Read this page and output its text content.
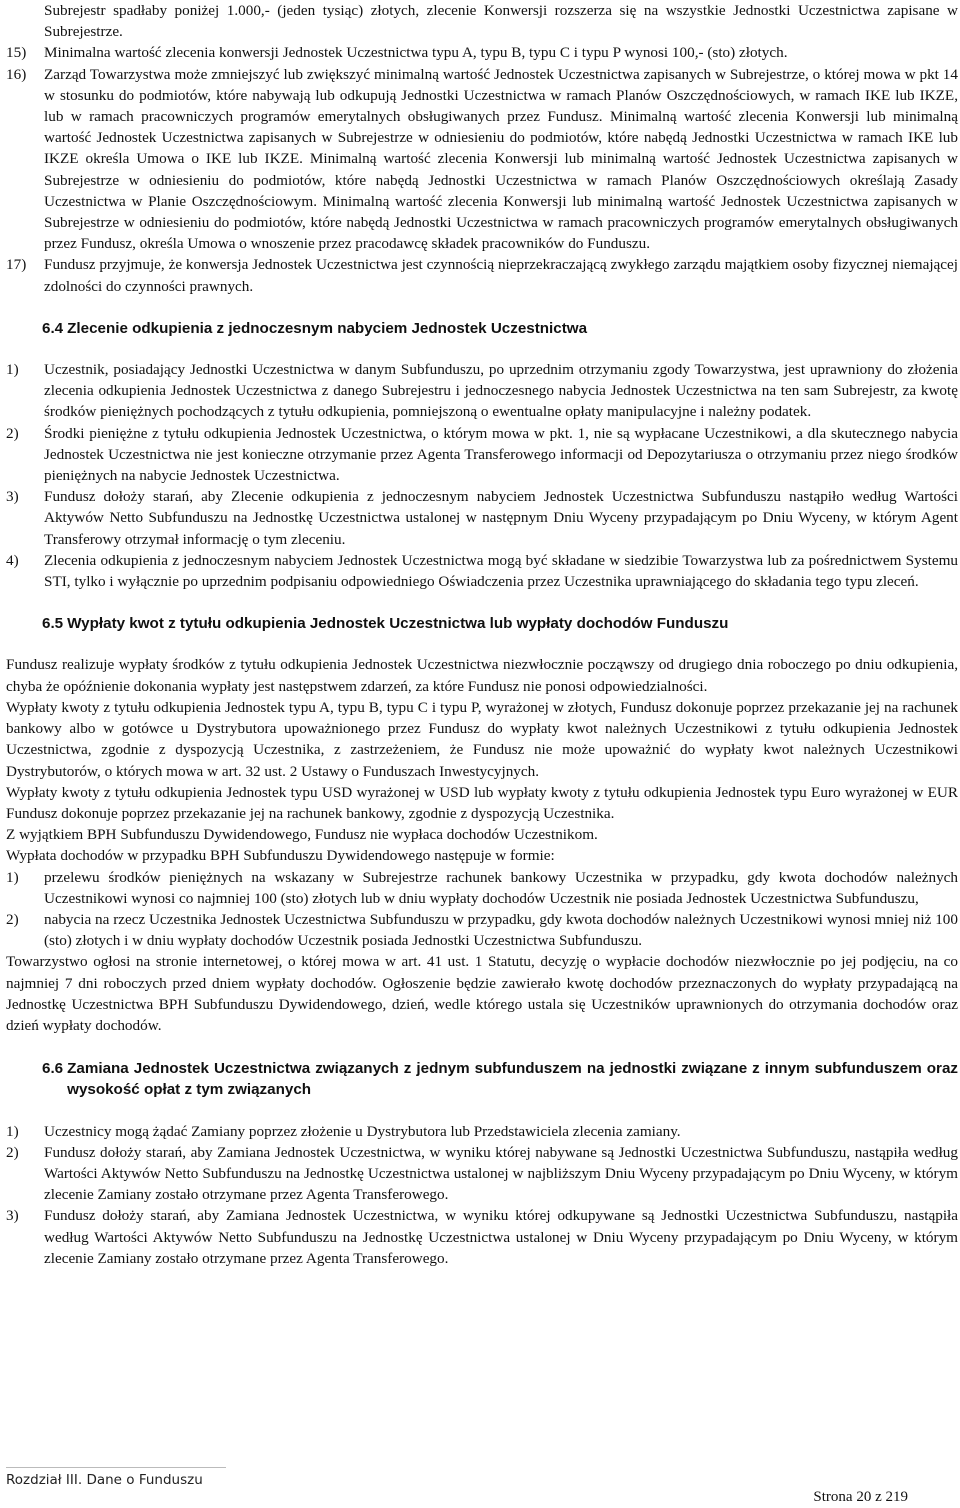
Subrejestr spadłaby poniżej 1.000,- (jeden tysiąc) złotych, zlecenie Konwersji rozszerza się na wszystkie Jednostki Uczestnictwa zapisane w Subrejestrze.

15)	Minimalna wartość zlecenia konwersji Jednostek Uczestnictwa typu A, typu B, typu C i typu P wynosi 100,- (sto) złotych.
16)	Zarząd Towarzystwa może zmniejszyć lub zwiększyć minimalną wartość Jednostek Uczestnictwa zapisanych w Subrejestrze, o której mowa w pkt 14 w stosunku do podmiotów, które nabywają lub odkupują Jednostki Uczestnictwa w ramach Planów Oszczędnościowych, w ramach IKE lub IKZE, lub w ramach pracowniczych programów emerytalnych obsługiwanych przez Fundusz. Minimalną wartość zlecenia Konwersji lub minimalną wartość Jednostek Uczestnictwa zapisanych w Subrejestrze w odniesieniu do podmiotów, które nabędą Jednostki Uczestnictwa w ramach IKE lub IKZE określa Umowa o IKE lub IKZE. Minimalną wartość zlecenia Konwersji lub minimalną wartość Jednostek Uczestnictwa zapisanych w Subrejestrze w odniesieniu do podmiotów, które nabędą Jednostki Uczestnictwa w ramach Planów Oszczędnościowych określają Zasady Uczestnictwa w Planie Oszczędnościowym. Minimalną wartość zlecenia Konwersji lub minimalną wartość Jednostek Uczestnictwa zapisanych w Subrejestrze w odniesieniu do podmiotów, które nabędą Jednostki Uczestnictwa w ramach pracowniczych programów emerytalnych obsługiwanych przez Fundusz, określa Umowa o wnoszenie przez pracodawcę składek pracowników do Funduszu.
17)	Fundusz przyjmuje, że konwersja Jednostek Uczestnictwa jest czynnością nieprzekraczającą zwykłego zarządu majątkiem osoby fizycznej niemającej zdolności do czynności prawnych.
6.4 Zlecenie odkupienia z jednoczesnym nabyciem Jednostek Uczestnictwa
1)	Uczestnik, posiadający Jednostki Uczestnictwa w danym Subfunduszu, po uprzednim otrzymaniu zgody Towarzystwa, jest uprawniony do złożenia zlecenia odkupienia Jednostek Uczestnictwa z danego Subrejestru i jednoczesnego nabycia Jednostek Uczestnictwa na ten sam Subrejestr, za kwotę środków pieniężnych pochodzących z tytułu odkupienia, pomniejszoną o ewentualne opłaty manipulacyjne i należny podatek.
2)	Środki pieniężne z tytułu odkupienia Jednostek Uczestnictwa, o którym mowa w pkt. 1, nie są wypłacane Uczestnikowi, a dla skutecznego nabycia Jednostek Uczestnictwa nie jest konieczne otrzymanie przez Agenta Transferowego informacji od Depozytariusza o otrzymaniu przez niego środków pieniężnych na nabycie Jednostek Uczestnictwa.
3)	Fundusz dołoży starań, aby Zlecenie odkupienia z jednoczesnym nabyciem Jednostek Uczestnictwa Subfunduszu nastąpiło według Wartości Aktywów Netto Subfunduszu na Jednostkę Uczestnictwa ustalonej w następnym Dniu Wyceny przypadającym po Dniu Wyceny, w którym Agent Transferowy otrzymał informację o tym zleceniu.
4)	Zlecenia odkupienia z jednoczesnym nabyciem Jednostek Uczestnictwa mogą być składane w siedzibie Towarzystwa lub za pośrednictwem Systemu STI, tylko i wyłącznie po uprzednim podpisaniu odpowiedniego Oświadczenia przez Uczestnika uprawniającego do składania tego typu zleceń.
6.5 Wypłaty kwot z tytułu odkupienia Jednostek Uczestnictwa lub wypłaty dochodów Funduszu

Fundusz realizuje wypłaty środków z tytułu odkupienia Jednostek Uczestnictwa niezwłocznie począwszy od drugiego dnia roboczego po dniu odkupienia, chyba że opóźnienie dokonania wypłaty jest następstwem zdarzeń, za które Fundusz nie ponosi odpowiedzialności.

Wypłaty kwoty z tytułu odkupienia Jednostek typu A, typu B, typu C i typu P, wyrażonej w złotych, Fundusz dokonuje poprzez przekazanie jej na rachunek bankowy albo w gotówce u Dystrybutora upoważnionego przez Fundusz do wypłaty kwot należnych Uczestnikowi z tytułu odkupienia Jednostek Uczestnictwa, zgodnie z dyspozycją Uczestnika, z zastrzeżeniem, że Fundusz nie może upoważnić do wypłaty kwot należnych Uczestnikowi Dystrybutorów, o których mowa w art. 32 ust. 2 Ustawy o Funduszach Inwestycyjnych.

Wypłaty kwoty z tytułu odkupienia Jednostek typu USD wyrażonej w USD lub wypłaty kwoty z tytułu odkupienia Jednostek typu Euro wyrażonej w EUR Fundusz dokonuje poprzez przekazanie jej na rachunek bankowy, zgodnie z dyspozycją Uczestnika.

Z wyjątkiem BPH Subfunduszu Dywidendowego, Fundusz nie wypłaca dochodów Uczestnikom.

Wypłata dochodów w przypadku BPH Subfunduszu Dywidendowego następuje w formie:

1)	przelewu środków pieniężnych na wskazany w Subrejestrze rachunek bankowy Uczestnika w przypadku, gdy kwota dochodów należnych Uczestnikowi wynosi co najmniej 100 (sto) złotych lub w dniu wypłaty dochodów Uczestnik nie posiada Jednostek Uczestnictwa Subfunduszu,
2)	nabycia na rzecz Uczestnika Jednostek Uczestnictwa Subfunduszu w przypadku, gdy kwota dochodów należnych Uczestnikowi wynosi mniej niż 100 (sto) złotych i w dniu wypłaty dochodów Uczestnik posiada Jednostki Uczestnictwa Subfunduszu.

Towarzystwo ogłosi na stronie internetowej, o której mowa w art. 41 ust. 1 Statutu, decyzję o wypłacie dochodów niezwłocznie po jej podjęciu, na co najmniej 7 dni roboczych przed dniem wypłaty dochodów. Ogłoszenie będzie zawierało kwotę dochodów przeznaczonych do wypłaty przypadającą na Jednostkę Uczestnictwa BPH Subfunduszu Dywidendowego, dzień, wedle którego ustala się Uczestników uprawnionych do otrzymania dochodów oraz dzień wypłaty dochodów.

6.6 Zamiana Jednostek Uczestnictwa związanych z jednym subfunduszem na jednostki związane z innym subfunduszem oraz wysokość opłat z tym związanych
1)	Uczestnicy mogą żądać Zamiany poprzez złożenie u Dystrybutora lub Przedstawiciela zlecenia zamiany.
2)	Fundusz dołoży starań, aby Zamiana Jednostek Uczestnictwa, w wyniku której nabywane są Jednostki Uczestnictwa Subfunduszu, nastąpiła według Wartości Aktywów Netto Subfunduszu na Jednostkę Uczestnictwa ustalonej w najbliższym Dniu Wyceny przypadającym po Dniu Wyceny, w którym zlecenie Zamiany zostało otrzymane przez Agenta Transferowego.
3)	Fundusz dołoży starań, aby Zamiana Jednostek Uczestnictwa, w wyniku której odkupywane są Jednostki Uczestnictwa Subfunduszu, nastąpiła według Wartości Aktywów Netto Subfunduszu na Jednostkę Uczestnictwa ustalonej w Dniu Wyceny przypadającym po Dniu Wyceny, w którym zlecenie Zamiany zostało otrzymane przez Agenta Transferowego.
Rozdział III. Dane o Funduszu
Strona 20 z 219
